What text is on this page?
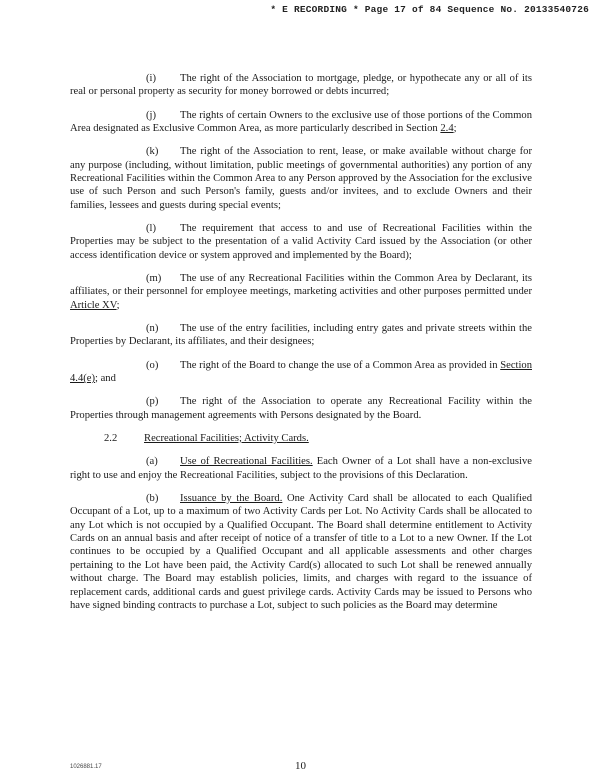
* E RECORDING * Page 17 of 84 Sequence No. 20133540726

(i) The right of the Association to mortgage, pledge, or hypothecate any or all of its real or personal property as security for money borrowed or debts incurred;

(j) The rights of certain Owners to the exclusive use of those portions of the Common Area designated as Exclusive Common Area, as more particularly described in Section 2.4;

(k) The right of the Association to rent, lease, or make available without charge for any purpose (including, without limitation, public meetings of governmental authorities) any portion of any Recreational Facilities within the Common Area to any Person approved by the Association for the exclusive use of such Person and such Person's family, guests and/or invitees, and to exclude Owners and their families, lessees and guests during special events;

(l) The requirement that access to and use of Recreational Facilities within the Properties may be subject to the presentation of a valid Activity Card issued by the Association (or other access identification device or system approved and implemented by the Board);

(m) The use of any Recreational Facilities within the Common Area by Declarant, its affiliates, or their personnel for employee meetings, marketing activities and other purposes permitted under Article XV;

(n) The use of the entry facilities, including entry gates and private streets within the Properties by Declarant, its affiliates, and their designees;

(o) The right of the Board to change the use of a Common Area as provided in Section 4.4(e); and

(p) The right of the Association to operate any Recreational Facility within the Properties through management agreements with Persons designated by the Board.

2.2	Recreational Facilities; Activity Cards.

(a) Use of Recreational Facilities. Each Owner of a Lot shall have a non-exclusive right to use and enjoy the Recreational Facilities, subject to the provisions of this Declaration.

(b) Issuance by the Board. One Activity Card shall be allocated to each Qualified Occupant of a Lot, up to a maximum of two Activity Cards per Lot. No Activity Cards shall be allocated to any Lot which is not occupied by a Qualified Occupant. The Board shall determine entitlement to Activity Cards on an annual basis and after receipt of notice of a transfer of title to a Lot to a new Owner. If the Lot continues to be occupied by a Qualified Occupant and all applicable assessments and other charges pertaining to the Lot have been paid, the Activity Card(s) allocated to such Lot shall be renewed annually without charge. The Board may establish policies, limits, and charges with regard to the issuance of replacement cards, additional cards and guest privilege cards. Activity Cards may be issued to Persons who have signed binding contracts to purchase a Lot, subject to such policies as the Board may determine

1026881.17	10
